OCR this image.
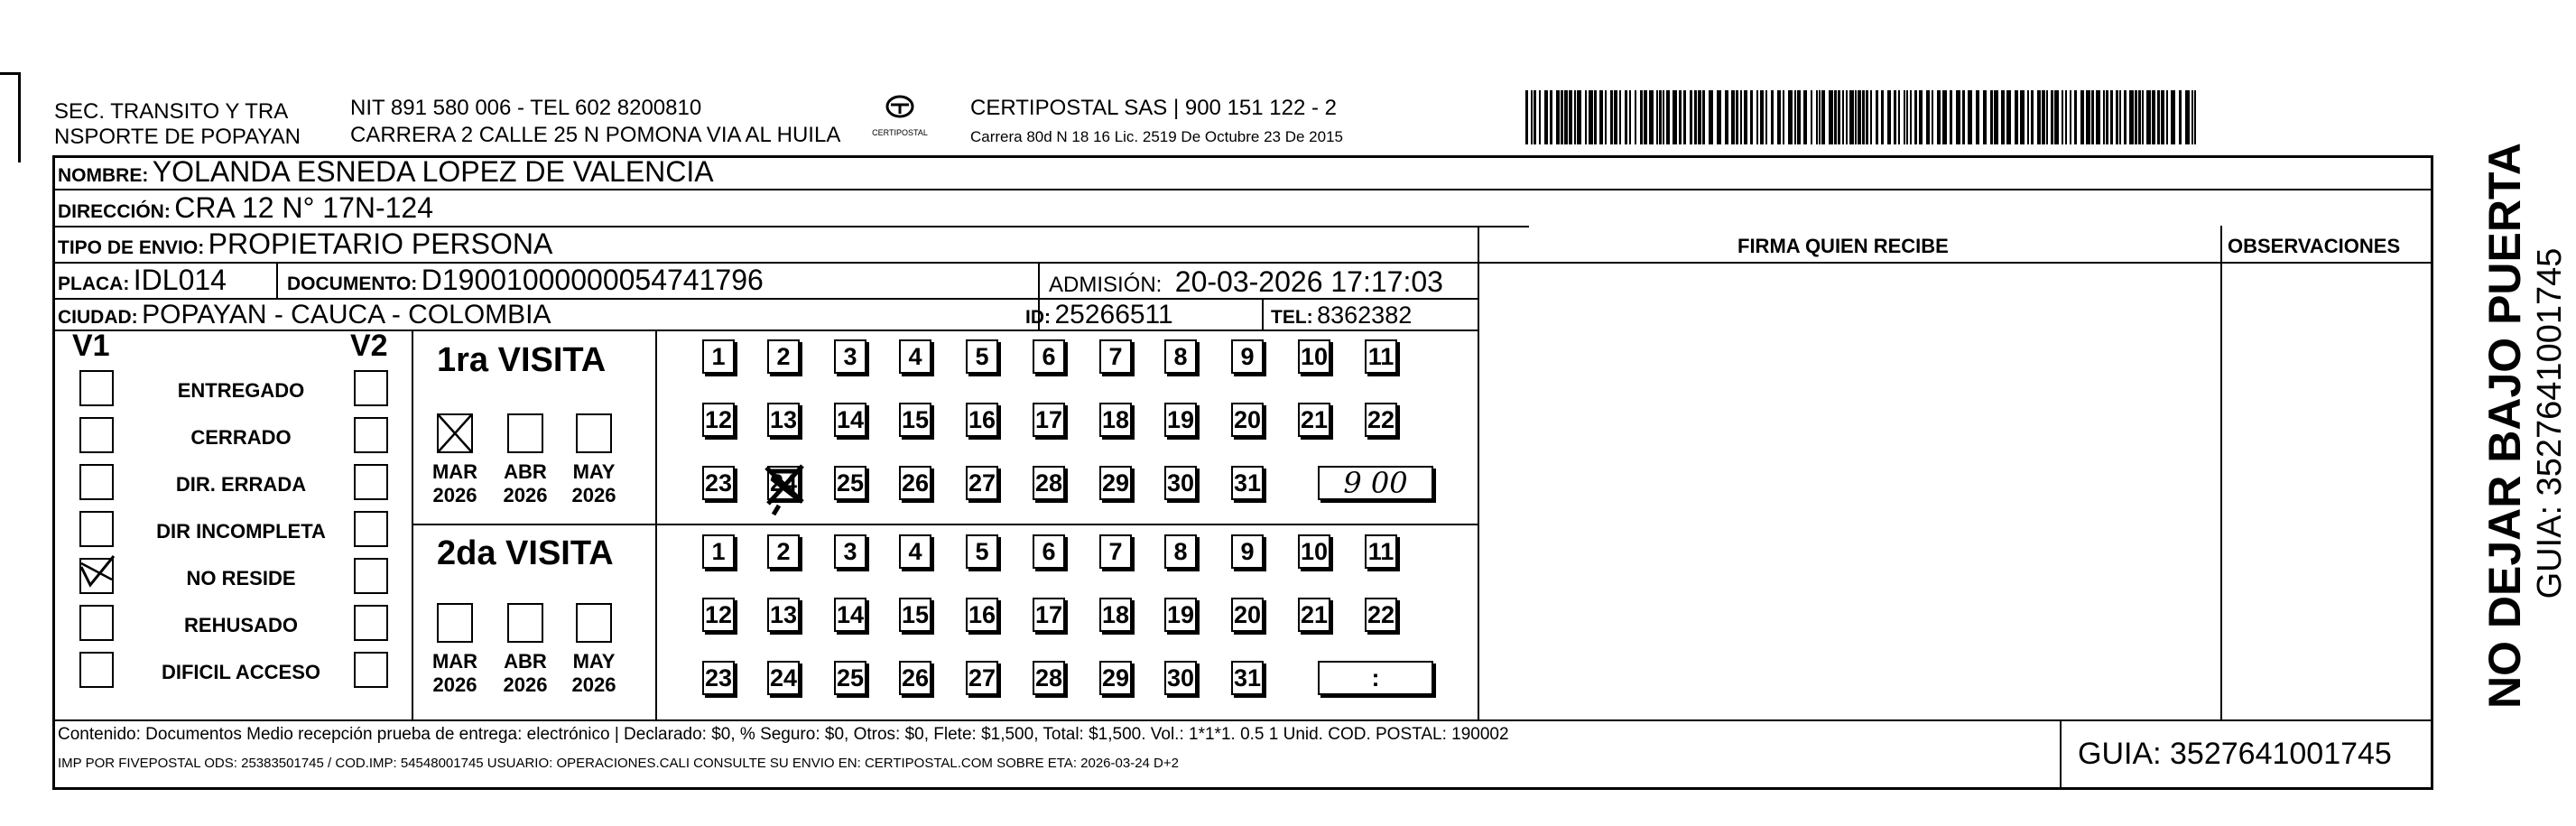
SEC. TRANSITO Y TRA
NSPORTE DE POPAYAN
NIT 891 580 006 - TEL 602 8200810
CARRERA 2 CALLE 25 N POMONA VIA AL HUILA	CERTIPOSTAL
CERTIPOSTAL SAS | 900 151 122 - 2
Carrera 80d N 18 16 Lic. 2519 De Octubre 23 De 2015
NOMBRE: YOLANDA ESNEDA LOPEZ DE VALENCIA
DIRECCIÓN: CRA 12 N° 17N-124
TIPO DE ENVIO: PROPIETARIO PERSONA
PLACA: IDL014	DOCUMENTO: D19001000000054741796	ADMISIÓN: 20-03-2026 17:17:03
CIUDAD: POPAYAN - CAUCA - COLOMBIA	ID: 25266511	TEL: 8362382
FIRMA QUIEN RECIBE	OBSERVACIONES
V1	V2 1ra VISITA
2da VISITA
Contenido: Documentos Medio recepción prueba de entrega: electrónico | Declarado: $0, % Seguro: $0, Otros: $0, Flete: $1,500, Total: $1,500. Vol.: 1*1*1. 0.5 1 Unid. COD. POSTAL: 190002
IMP POR FIVEPOSTAL ODS: 25383501745 / COD.IMP: 54548001745 USUARIO: OPERACIONES.CALI CONSULTE SU ENVIO EN: CERTIPOSTAL.COM SOBRE ETA: 2026-03-24 D+2	GUIA: 3527641001745
NO DEJAR BAJO PUERTA GUIA: 3527641001745
ENTREGADO
CERRADO
DIR. ERRADA
DIR INCOMPLETA
NO RESIDE
REHUSADO
DIFICIL ACCESO
MAR
2026
ABR
2026
MAY
2026
MAR
2026
ABR
2026
MAY
2026
1	2	3	4	5	6	7	8	9	10 11
12 13 14 15 16 17 18 19 20 21 22
23 24 25 26 27 28 29 30 31	9 00
1	2	3	4	5	6	7	8	9	10 11
12 13 14 15 16 17 18 19 20 21 22
23 24 25 26 27 28 29 30 31	:
